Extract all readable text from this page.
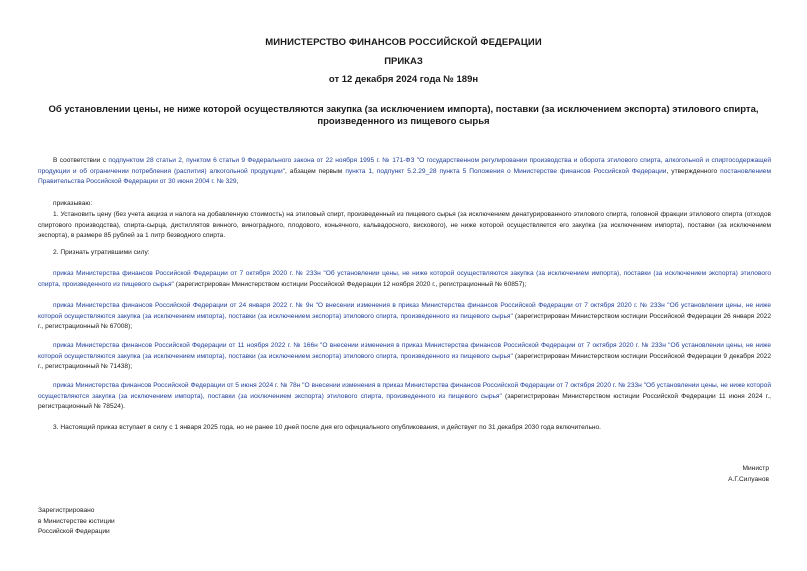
МИНИСТЕРСТВО ФИНАНСОВ РОССИЙСКОЙ ФЕДЕРАЦИИ
ПРИКАЗ
от 12 декабря 2024 года № 189н
Об установлении цены, не ниже которой осуществляются закупка (за исключением импорта), поставки (за исключением экспорта) этилового спирта, произведенного из пищевого сырья

В соответствии с подпунктом 28 статьи 2, пунктом 6 статьи 9 Федерального закона от 22 ноября 1995 г. № 171-ФЗ "О государственном регулировании производства и оборота этилового спирта, алкогольной и спиртосодержащей продукции и об ограничении потребления (распития) алкогольной продукции", абзацем первым пункта 1, подпункт 5.2.29_28 пункта 5 Положения о Министерстве финансов Российской Федерации, утвержденного постановлением Правительства Российской Федерации от 30 июня 2004 г. № 329,

приказываю:

1. Установить цену (без учета акциза и налога на добавленную стоимость) на этиловый спирт, произведенный из пищевого сырья (за исключением денатурированного этилового спирта, головной фракции этилового спирта (отходов спиртового производства), спирта-сырца, дистиллятов винного, виноградного, плодового, коньячного, кальвадосного, вискового), не ниже которой осуществляется его закупка (за исключением импорта), поставки (за исключением экспорта), в размере 85 рублей за 1 литр безводного спирта.

2. Признать утратившими силу:

приказ Министерства финансов Российской Федерации от 7 октября 2020 г. № 233н "Об установлении цены, не ниже которой осуществляются закупка (за исключением импорта), поставки (за исключением экспорта) этилового спирта, произведенного из пищевого сырья" (зарегистрирован Министерством юстиции Российской Федерации 12 ноября 2020 г., регистрационный № 60857);

приказ Министерства финансов Российской Федерации от 24 января 2022 г. № 9н "О внесении изменения в приказ Министерства финансов Российской Федерации от 7 октября 2020 г. № 233н "Об установлении цены, не ниже которой осуществляются закупка (за исключением импорта), поставки (за исключением экспорта) этилового спирта, произведенного из пищевого сырья" (зарегистрирован Министерством юстиции Российской Федерации 26 января 2022 г., регистрационный № 67008);

приказ Министерства финансов Российской Федерации от 11 ноября 2022 г. № 166н "О внесении изменения в приказ Министерства финансов Российской Федерации от 7 октября 2020 г. № 233н "Об установлении цены, не ниже которой осуществляются закупка (за исключением импорта), поставки (за исключением экспорта) этилового спирта, произведенного из пищевого сырья" (зарегистрирован Министерством юстиции Российской Федерации 9 декабря 2022 г., регистрационный № 71438);

приказ Министерства финансов Российской Федерации от 5 июня 2024 г. № 78н "О внесении изменения в приказ Министерства финансов Российской Федерации от 7 октября 2020 г. № 233н "Об установлении цены, не ниже которой осуществляются закупка (за исключением импорта), поставки (за исключением экспорта) этилового спирта, произведенного из пищевого сырья" (зарегистрирован Министерством юстиции Российской Федерации 11 июня 2024 г., регистрационный № 78524).

3. Настоящий приказ вступает в силу с 1 января 2025 года, но не ранее 10 дней после дня его официального опубликования, и действует по 31 декабря 2030 года включительно.

Министр
А.Г.Силуанов
Зарегистрировано
в Министерстве юстиции
Российской Федерации
